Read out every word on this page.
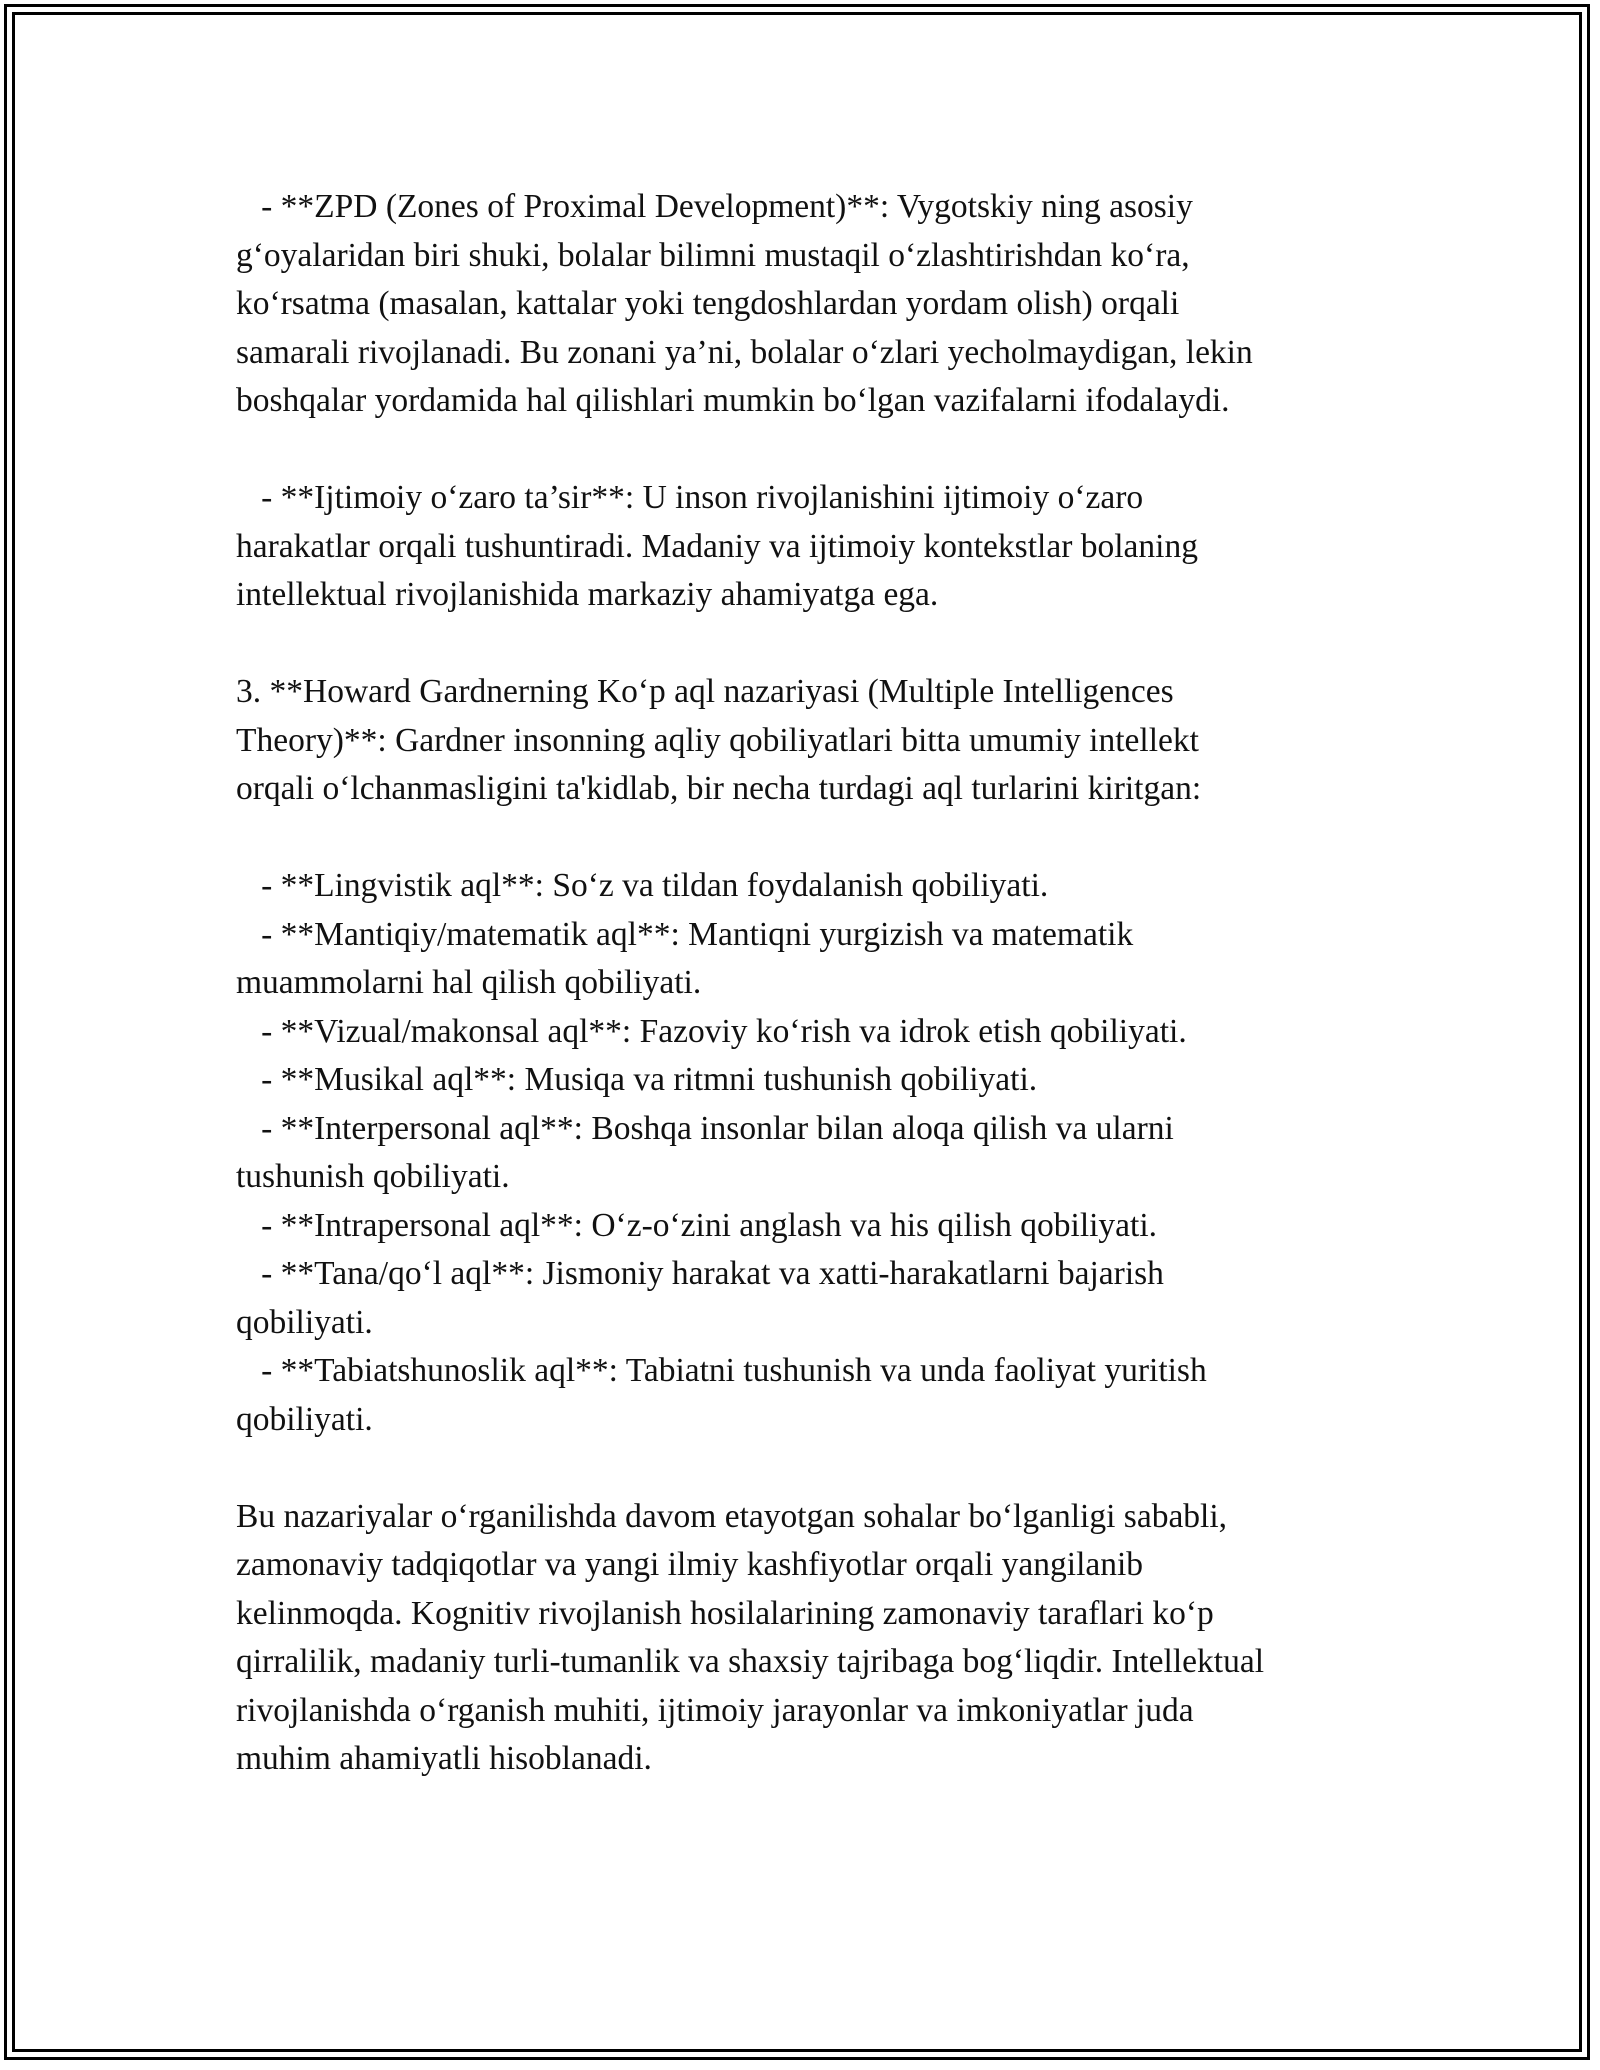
- **ZPD (Zones of Proximal Development)**: Vygotskiy ning asosiy
g‘oyalaridan biri shuki, bolalar bilimni mustaqil o‘zlashtirishdan ko‘ra,
ko‘rsatma (masalan, kattalar yoki tengdoshlardan yordam olish) orqali
samarali rivojlanadi. Bu zonani ya’ni, bolalar o‘zlari yecholmaydigan, lekin
boshqalar yordamida hal qilishlari mumkin bo‘lgan vazifalarni ifodalaydi.
- **Ijtimoiy o‘zaro ta’sir**: U inson rivojlanishini ijtimoiy o‘zaro
harakatlar orqali tushuntiradi. Madaniy va ijtimoiy kontekstlar bolaning
intellektual rivojlanishida markaziy ahamiyatga ega.
3. **Howard Gardnerning Ko‘p aql nazariyasi (Multiple Intelligences
Theory)**: Gardner insonning aqliy qobiliyatlari bitta umumiy intellekt
orqali o‘lchanmasligini ta'kidlab, bir necha turdagi aql turlarini kiritgan:
- **Lingvistik aql**: So‘z va tildan foydalanish qobiliyati.
- **Mantiqiy/matematik aql**: Mantiqni yurgizish va matematik
muammolarni hal qilish qobiliyati.
- **Vizual/makonsal aql**: Fazoviy ko‘rish va idrok etish qobiliyati.
- **Musikal aql**: Musiqa va ritmni tushunish qobiliyati.
- **Interpersonal aql**: Boshqa insonlar bilan aloqa qilish va ularni
tushunish qobiliyati.
- **Intrapersonal aql**: O‘z-o‘zini anglash va his qilish qobiliyati.
- **Tana/qo‘l aql**: Jismoniy harakat va xatti-harakatlarni bajarish
qobiliyati.
- **Tabiatshunoslik aql**: Tabiatni tushunish va unda faoliyat yuritish
qobiliyati.
Bu nazariyalar o‘rganilishda davom etayotgan sohalar bo‘lganligi sababli,
zamonaviy tadqiqotlar va yangi ilmiy kashfiyotlar orqali yangilanib
kelinmoqda. Kognitiv rivojlanish hosilalarining zamonaviy taraflari ko‘p
qirralilik, madaniy turli-tumanlik va shaxsiy tajribaga bog‘liqdir. Intellektual
rivojlanishda o‘rganish muhiti, ijtimoiy jarayonlar va imkoniyatlar juda
muhim ahamiyatli hisoblanadi.
